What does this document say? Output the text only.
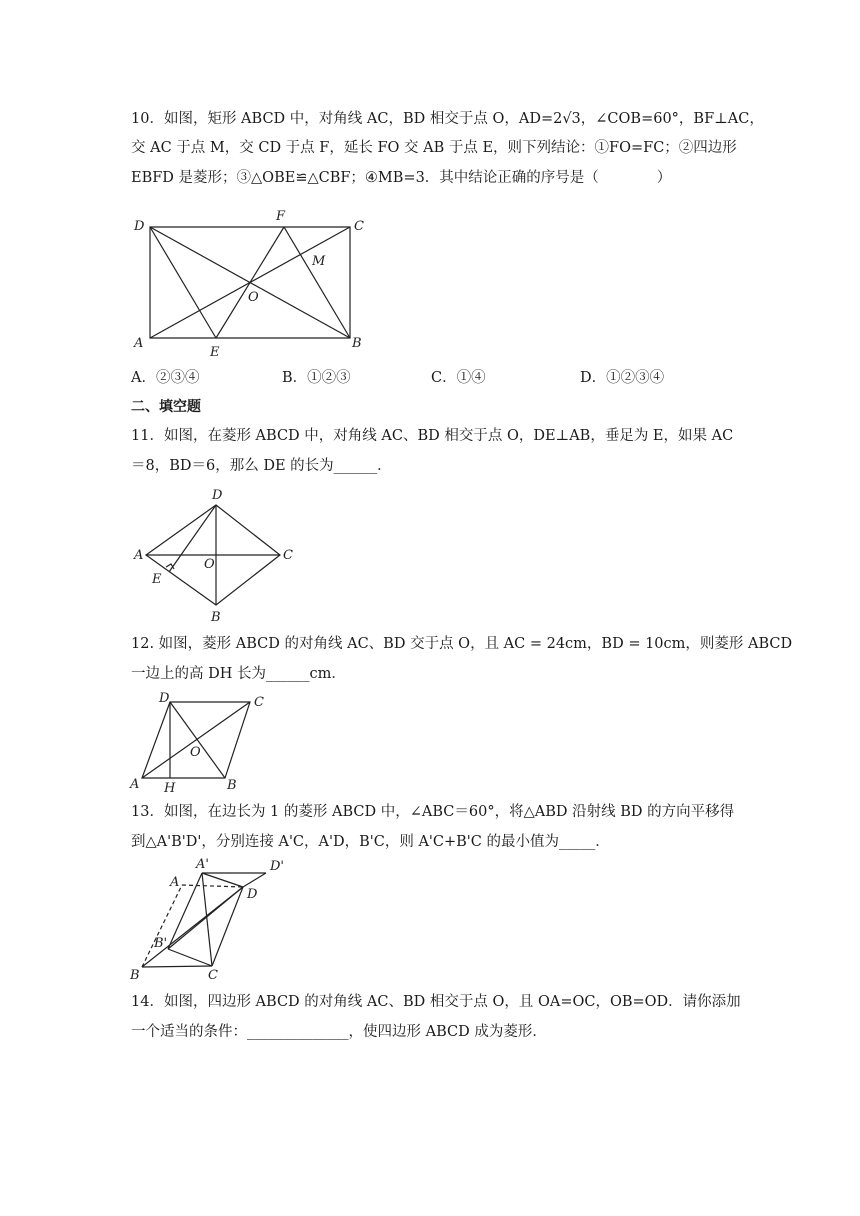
10．如图，矩形 ABCD 中，对角线 AC，BD 相交于点 O，AD=2√3，∠COB=60°，BF⊥AC，
交 AC 于点 M，交 CD 于点 F，延长 FO 交 AB 于点 E，则下列结论：①FO=FC；②四边形
EBFD 是菱形；③△OBE≌△CBF；④MB=3．其中结论正确的序号是（　　　　）
D
F
C
M
O
A
E
B
A．②③④	B．①②③	C．①④	D．①②③④
二、填空题
11．如图，在菱形 ABCD 中，对角线 AC、BD 相交于点 O，DE⊥AB，垂足为 E，如果 AC
＝8，BD＝6，那么 DE 的长为______．
D
A
O
C
E
B
12. 如图，菱形 ABCD 的对角线 AC、BD 交于点 O，且 AC = 24cm，BD = 10cm，则菱形 ABCD
一边上的高 DH 长为______cm．
D	C
O
A H	B
13．如图，在边长为 1 的菱形 ABCD 中，∠ABC＝60°，将△ABD 沿射线 BD 的方向平移得
到△A'B'D'，分别连接 A'C，A'D，B'C，则 A'C+B'C 的最小值为_____．
A'	D'
A
D
B'
B	C
14．如图，四边形 ABCD 的对角线 AC、BD 相交于点 O，且 OA=OC，OB=OD．请你添加
一个适当的条件：______________，使四边形 ABCD 成为菱形．
